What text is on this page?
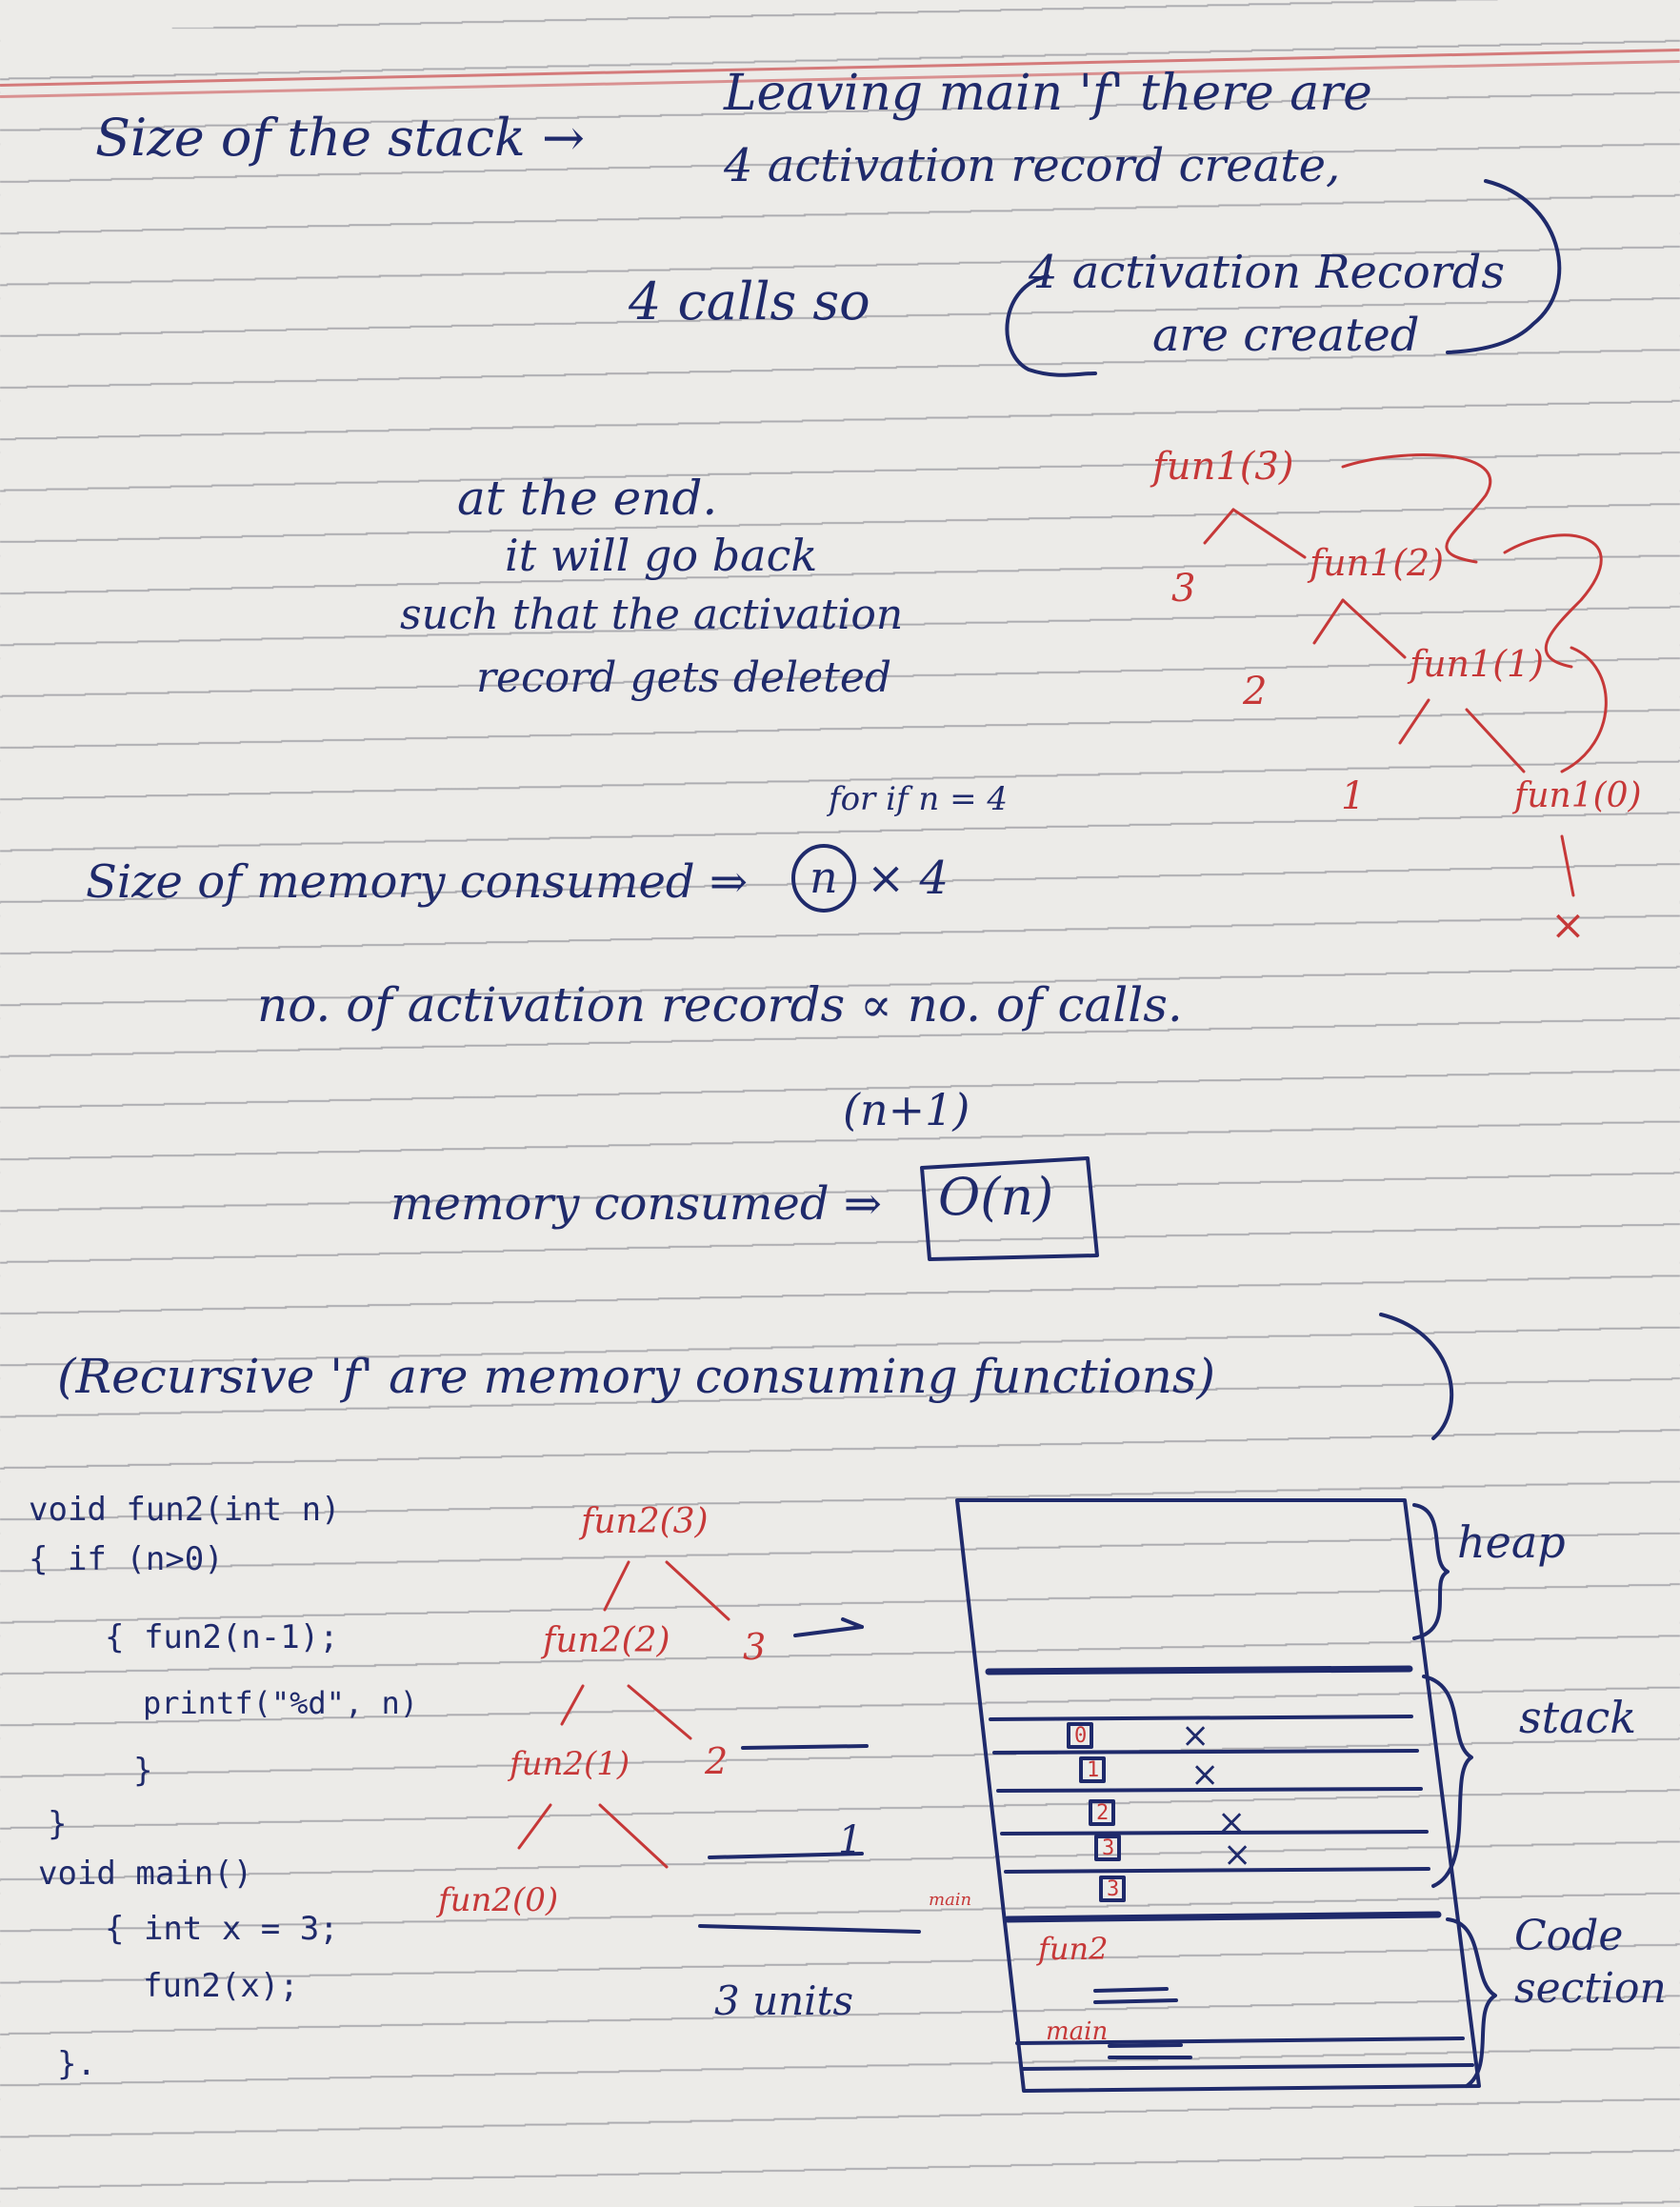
Size of the stack →
Leaving main 'f' there are
4 activation record create,
4 calls so	4 activation Records
are created
at the end.
it will go back
such that the activation
record gets deleted
fun1(3)
fun1(2)
fun1(1)
fun1(0)
3
2
1
×
for if n = 4
Size of memory consumed ⇒ n × 4
no. of activation records ∝ no. of calls.
(n+1)
memory consumed ⇒ O(n)
(Recursive 'f' are memory consuming functions)
void fun2(int n)
{ if (n>0)
{ fun2(n-1);
printf("%d", n)
}
}
void main()
{ int x = 3;
fun2(x);
}.
fun2(3)
fun2(2)
fun2(1)
fun2(0)
3
2
1
3 units
heap
stack
Code section
0
1
2
3
3
×
×
×
×
main
fun2
main
